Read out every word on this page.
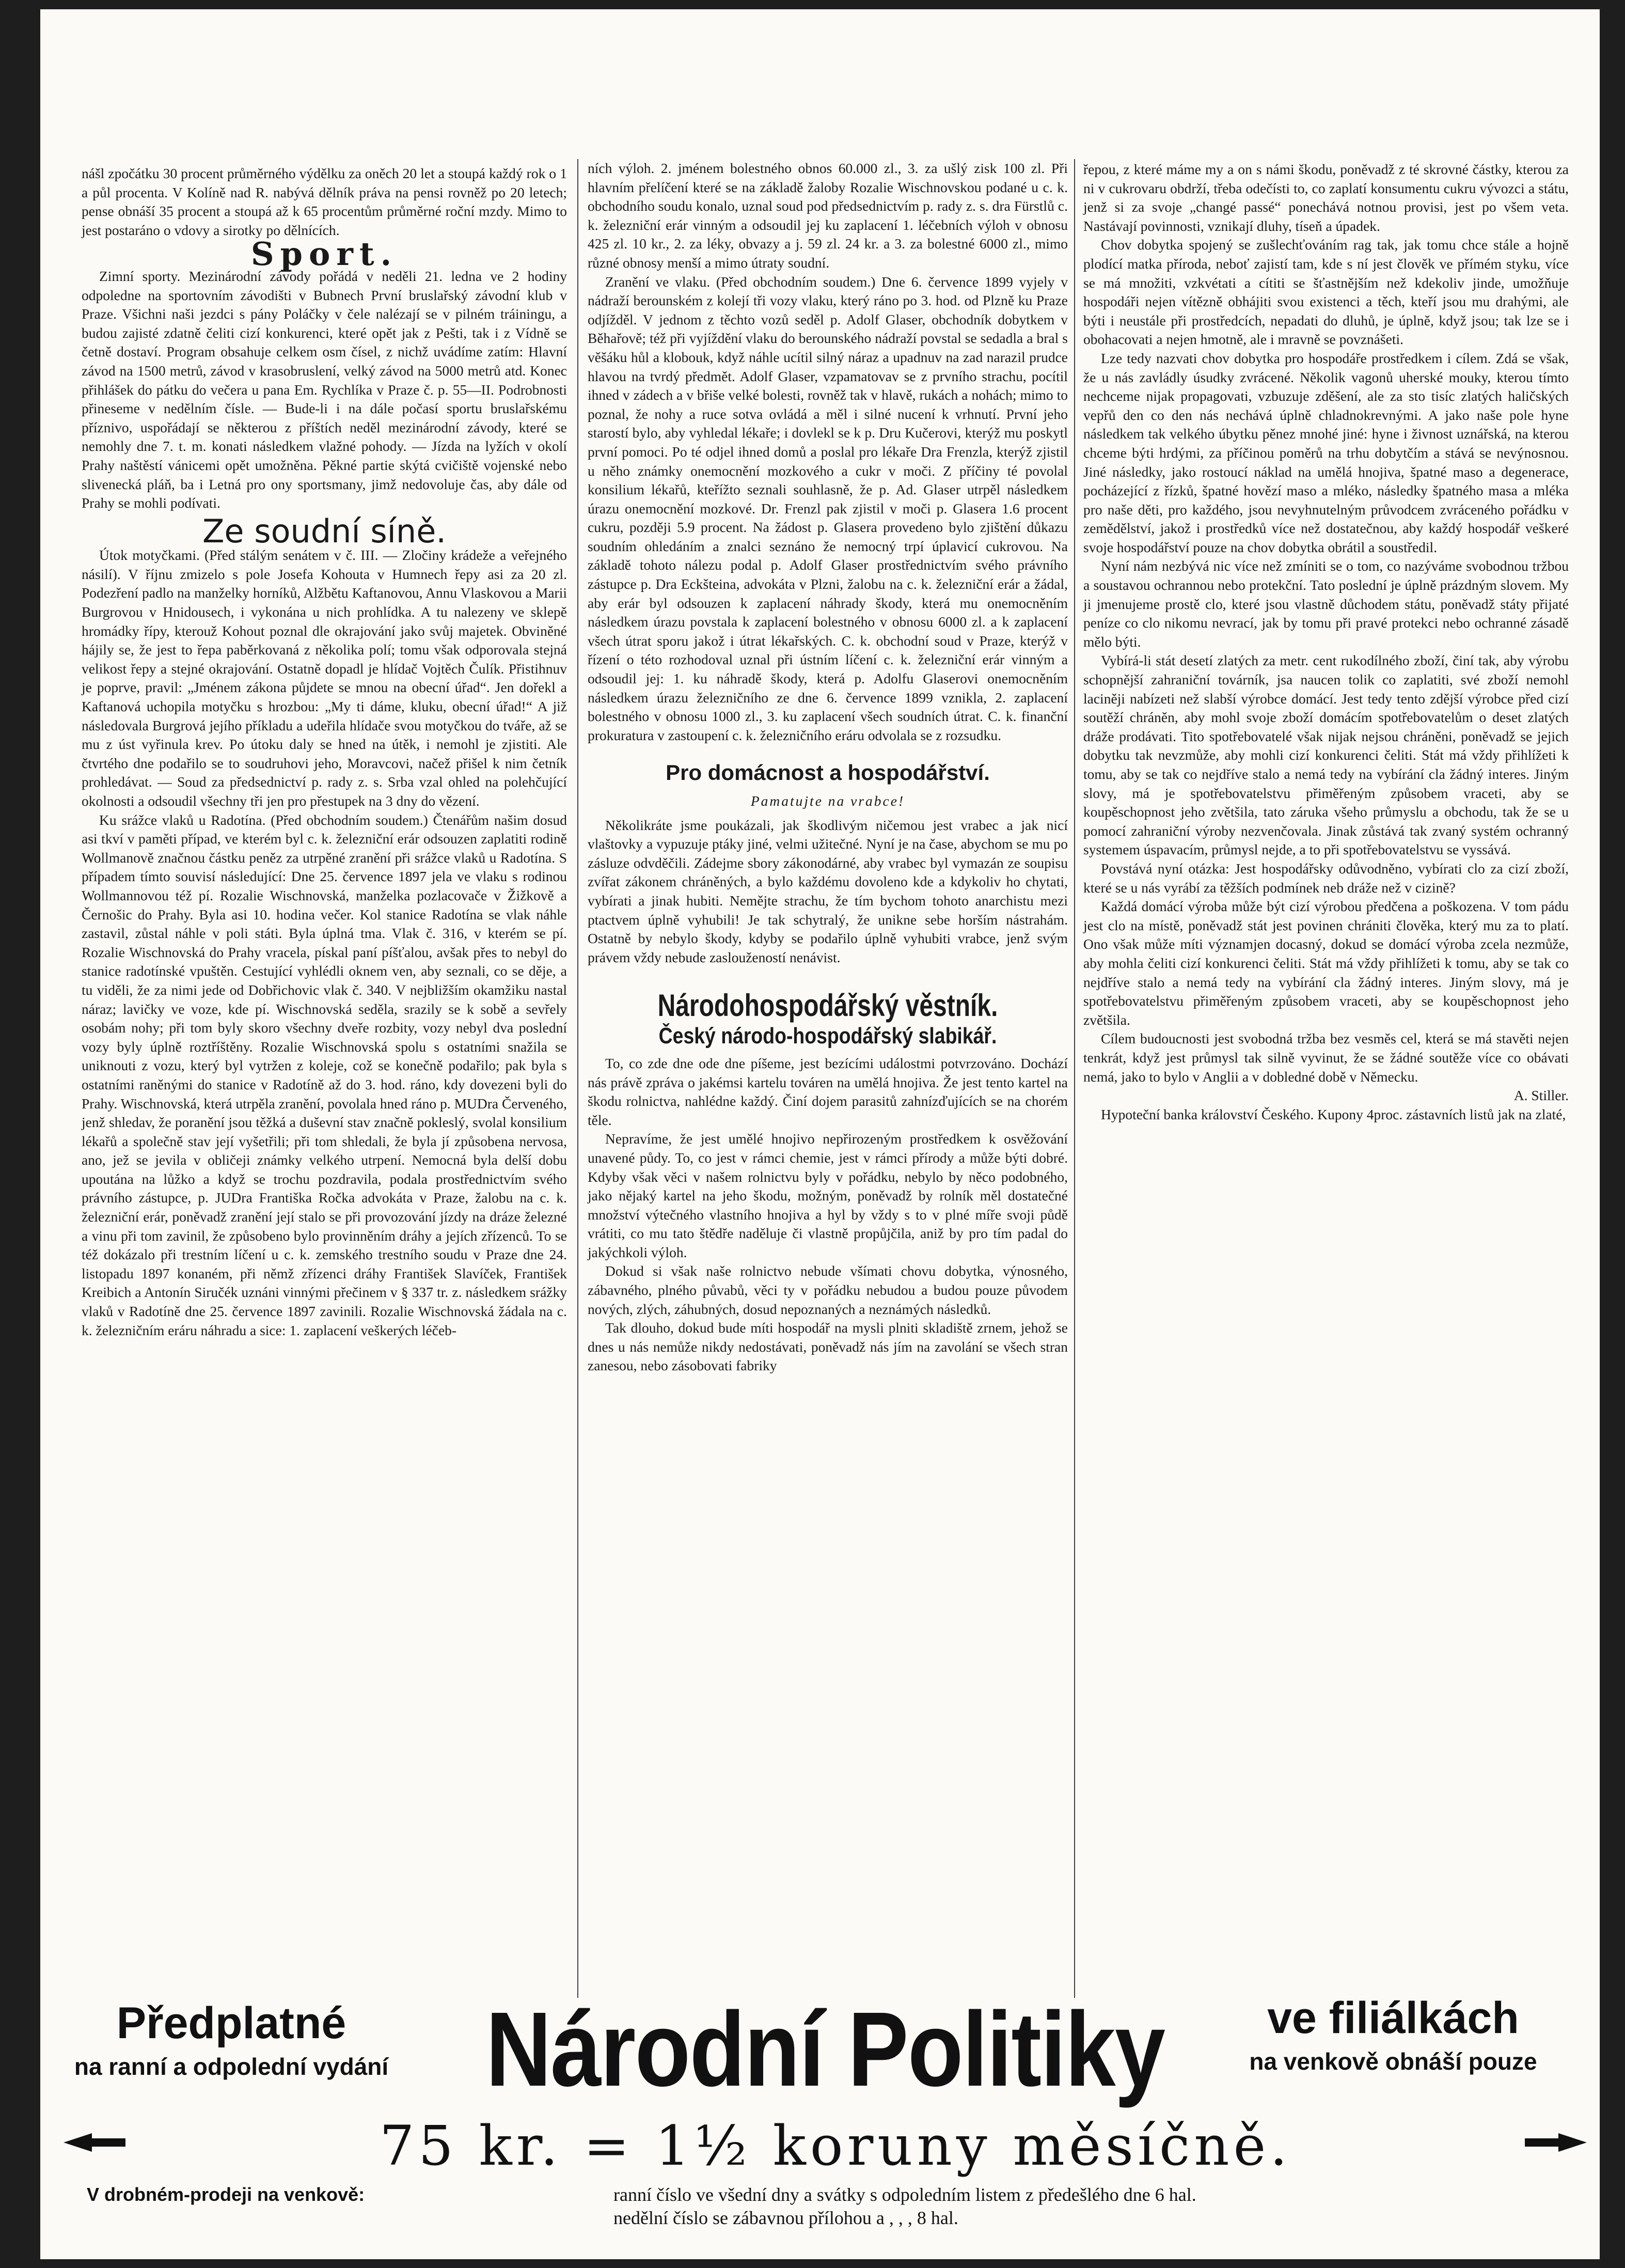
nášl zpočátku 30 procent průměrného výdělku za oněch 20 let a stoupá každý rok o 1 a půl procenta. V Kolíně nad R. nabývá dělník práva na pensi rovněž po 20 letech; pense obnáší 35 procent a stoupá až k 65 procentům průměrné roční mzdy. Mimo to jest postaráno o vdovy a sirotky po dělnících.

Sport.

Zimní sporty. Mezinárodní závody pořádá v neděli 21. ledna ve 2 hodiny odpoledne na sportovním závodišti v Bubnech První bruslařský závodní klub v Praze. Všichni naši jezdci s pány Poláčky v čele nalézají se v pilném tráiningu, a budou zajisté zdatně čeliti cizí konkurenci, které opět jak z Pešti, tak i z Vídně se četně dostaví. Program obsahuje celkem osm čísel, z nichž uvádíme zatím: Hlavní závod na 1500 metrů, závod v krasobruslení, velký závod na 5000 metrů atd. Konec přihlášek do pátku do večera u pana Em. Rychlíka v Praze č. p. 55—II. Podrobnosti přineseme v nedělním čísle. — Bude-li i na dále počasí sportu bruslařskému příznivo, uspořádají se některou z příštích neděl mezinárodní závody, které se nemohly dne 7. t. m. konati následkem vlažné pohody. — Jízda na lyžích v okolí Prahy naštěstí vánicemi opět umožněna. Pěkné partie skýtá cvičiště vojenské nebo slivenecká pláň, ba i Letná pro ony sportsmany, jimž nedovoluje čas, aby dále od Prahy se mohli podívati.

Ze soudní síně.

Útok motyčkami. (Před stálým senátem v č. III. — Zločiny krádeže a veřejného násilí). V říjnu zmizelo s pole Josefa Kohouta v Humnech řepy asi za 20 zl. Podezření padlo na manželky horníků, Alžbětu Kaftanovou, Annu Vlaskovou a Marii Burgrovou v Hnidousech, i vykonána u nich prohlídka. A tu nalezeny ve sklepě hromádky řípy, kterouž Kohout poznal dle okrajování jako svůj majetek. Obviněné hájily se, že jest to řepa paběrkovaná z několika polí; tomu však odporovala stejná velikost řepy a stejné okrajování. Ostatně dopadl je hlídač Vojtěch Čulík. Přistihnuv je poprve, pravil: „Jménem zákona půjdete se mnou na obecní úřad“. Jen dořekl a Kaftanová uchopila motyčku s hrozbou: „My ti dáme, kluku, obecní úřad!“ A již následovala Burgrová jejího příkladu a udeřila hlídače svou motyčkou do tváře, až se mu z úst vyřinula krev. Po útoku daly se hned na útěk, i nemohl je zjistiti. Ale čtvrtého dne podařilo se to soudruhovi jeho, Moravcovi, načež přišel k nim četník prohledávat. — Soud za předsednictví p. rady z. s. Srba vzal ohled na polehčující okolnosti a odsoudil všechny tři jen pro přestupek na 3 dny do vězení.

Ku srážce vlaků u Radotína. (Před obchodním soudem.) Čtenářům našim dosud asi tkví v paměti případ, ve kterém byl c. k. železniční erár odsouzen zaplatiti rodině Wollmanově značnou částku peněz za utrpěné zranění při srážce vlaků u Radotína. S případem tímto souvisí následující: Dne 25. července 1897 jela ve vlaku s rodinou Wollmannovou též pí. Rozalie Wischnovská, manželka pozlacovače v Žižkově a Černošic do Prahy. Byla asi 10. hodina večer. Kol stanice Radotína se vlak náhle zastavil, zůstal náhle v poli státi. Byla úplná tma. Vlak č. 316, v kterém se pí. Rozalie Wischnovská do Prahy vracela, pískal paní píšťalou, avšak přes to nebyl do stanice radotínské vpuštěn. Cestující vyhlédli oknem ven, aby seznali, co se děje, a tu viděli, že za nimi jede od Dobřichovic vlak č. 340. V nejbližším okamžiku nastal náraz; lavičky ve voze, kde pí. Wischnovská seděla, srazily se k sobě a sevřely osobám nohy; při tom byly skoro všechny dveře rozbity, vozy nebyl dva poslední vozy byly úplně roztříštěny. Rozalie Wischnovská spolu s ostatními snažila se uniknouti z vozu, který byl vytržen z koleje, což se konečně podařilo; pak byla s ostatními raněnými do stanice v Radotíně až do 3. hod. ráno, kdy dovezeni byli do Prahy. Wischnovská, která utrpěla zranění, povolala hned ráno p. MUDra Červeného, jenž shledav, že poranění jsou těžká a duševní stav značně pokleslý, svolal konsilium lékařů a společně stav její vyšetřili; při tom shledali, že byla jí způsobena nervosa, ano, jež se jevila v obličeji známky velkého utrpení. Nemocná byla delší dobu upoutána na lůžko a když se trochu pozdravila, podala prostřednictvím svého právního zástupce, p. JUDra Františka Ročka advokáta v Praze, žalobu na c. k. železniční erár, poněvadž zranění její stalo se při provozování jízdy na dráze železné a vinu při tom zavinil, že způsobeno bylo provinněním dráhy a jejích zřízenců. To se též dokázalo při trestním líčení u c. k. zemského trestního soudu v Praze dne 24. listopadu 1897 konaném, při němž zřízenci dráhy František Slavíček, František Kreibich a Antonín Siručék uznáni vinnými přečinem v § 337 tr. z. následkem srážky vlaků v Radotíně dne 25. července 1897 zavinili. Rozalie Wischnovská žádala na c. k. železničním eráru náhradu a sice: 1. zaplacení veškerých léčeb-

ních výloh. 2. jménem bolestného obnos 60.000 zl., 3. za ušlý zisk 100 zl. Při hlavním přelíčení které se na základě žaloby Rozalie Wischnovskou podané u c. k. obchodního soudu konalo, uznal soud pod předsednictvím p. rady z. s. dra Fürstlů c. k. železniční erár vinným a odsoudil jej ku zaplacení 1. léčebních výloh v obnosu 425 zl. 10 kr., 2. za léky, obvazy a j. 59 zl. 24 kr. a 3. za bolestné 6000 zl., mimo různé obnosy menší a mimo útraty soudní.

Zranění ve vlaku. (Před obchodním soudem.) Dne 6. července 1899 vyjely v nádraží berounském z kolejí tři vozy vlaku, který ráno po 3. hod. od Plzně ku Praze odjížděl. V jednom z těchto vozů seděl p. Adolf Glaser, obchodník dobytkem v Běhařově; též při vyjíždění vlaku do berounského nádraží povstal se sedadla a bral s věšáku hůl a klobouk, když náhle ucítil silný náraz a upadnuv na zad narazil prudce hlavou na tvrdý předmět. Adolf Glaser, vzpamatovav se z prvního strachu, pocítil ihned v zádech a v břiše velké bolesti, rovněž tak v hlavě, rukách a nohách; mimo to poznal, že nohy a ruce sotva ovládá a měl i silné nucení k vrhnutí. První jeho starostí bylo, aby vyhledal lékaře; i dovlekl se k p. Dru Kučerovi, kterýž mu poskytl první pomoci. Po té odjel ihned domů a poslal pro lékaře Dra Frenzla, kterýž zjistil u něho známky onemocnění mozkového a cukr v moči. Z příčiny té povolal konsilium lékařů, kteřížto seznali souhlasně, že p. Ad. Glaser utrpěl následkem úrazu onemocnění mozkové. Dr. Frenzl pak zjistil v moči p. Glasera 1.6 procent cukru, později 5.9 procent. Na žádost p. Glasera provedeno bylo zjištění důkazu soudním ohledáním a znalci seznáno že nemocný trpí úplavicí cukrovou. Na základě tohoto nálezu podal p. Adolf Glaser prostřednictvím svého právního zástupce p. Dra Eckšteina, advokáta v Plzni, žalobu na c. k. železniční erár a žádal, aby erár byl odsouzen k zaplacení náhrady škody, která mu onemocněním následkem úrazu povstala k zaplacení bolestného v obnosu 6000 zl. a k zaplacení všech útrat sporu jakož i útrat lékařských. C. k. obchodní soud v Praze, kterýž v řízení o této rozhodoval uznal při ústním líčení c. k. železniční erár vinným a odsoudil jej: 1. ku náhradě škody, která p. Adolfu Glaserovi onemocněním následkem úrazu železničního ze dne 6. července 1899 vznikla, 2. zaplacení bolestného v obnosu 1000 zl., 3. ku zaplacení všech soudních útrat. C. k. finanční prokuratura v zastoupení c. k. železničního eráru odvolala se z rozsudku.

Pro domácnost a hospodářství.
Pamatujte na vrabce!

Několikráte jsme poukázali, jak škodlivým ničemou jest vrabec a jak nicí vlaštovky a vypuzuje ptáky jiné, velmi užitečné. Nyní je na čase, abychom se mu po zásluze odvděčili. Zádejme sbory zákonodárné, aby vrabec byl vymazán ze soupisu zvířat zákonem chráněných, a bylo každému dovoleno kde a kdykoliv ho chytati, vybírati a jinak hubiti. Nemějte strachu, že tím bychom tohoto anarchistu mezi ptactvem úplně vyhubili! Je tak schytralý, že unikne sebe horším nástrahám. Ostatně by nebylo škody, kdyby se podařilo úplně vyhubiti vrabce, jenž svým právem vždy nebude zasloužeností nenávist.

Národohospodářský věstník.
Český národo-hospodářský slabikář.

To, co zde dne ode dne píšeme, jest bezícími událostmi potvrzováno. Dochází nás právě zpráva o jakémsi kartelu továren na umělá hnojiva. Že jest tento kartel na škodu rolnictva, nahlédne každý. Činí dojem parasitů zahnízďujících se na chorém těle.

Nepravíme, že jest umělé hnojivo nepřirozeným prostředkem k osvěžování unavené půdy. To, co jest v rámci chemie, jest v rámci přírody a může býti dobré. Kdyby však věci v našem rolnictvu byly v pořádku, nebylo by něco podobného, jako nějaký kartel na jeho škodu, možným, poněvadž by rolník měl dostatečné množství výtečného vlastního hnojiva a hyl by vždy s to v plné míře svoji půdě vrátiti, co mu tato štědře naděluje či vlastně propůjčila, aniž by pro tím padal do jakýchkoli výloh.

Dokud si však naše rolnictvo nebude všímati chovu dobytka, výnosného, zábavného, plného půvabů, věci ty v pořádku nebudou a budou pouze původem nových, zlých, záhubných, dosud nepoznaných a neznámých následků.

Tak dlouho, dokud bude míti hospodář na mysli plniti skladiště zrnem, jehož se dnes u nás nemůže nikdy nedostávati, poněvadž nás jím na zavolání se všech stran zanesou, nebo zásobovati fabriky

řepou, z které máme my a on s námi škodu, poněvadž z té skrovné částky, kterou za ni v cukrovaru obdrží, třeba odečísti to, co zaplatí konsumentu cukru vývozci a státu, jenž si za svoje „changé passé“ ponechává notnou provisi, jest po všem veta. Nastávají povinnosti, vznikají dluhy, tíseň a úpadek.

Chov dobytka spojený se zušlechťováním rag tak, jak tomu chce stále a hojně plodící matka příroda, neboť zajistí tam, kde s ní jest člověk ve přímém styku, více se má množiti, vzkvétati a cítiti se šťastnějším než kdekoliv jinde, umožňuje hospodáři nejen vítězně obhájiti svou existenci a těch, kteří jsou mu drahými, ale býti i neustále při prostředcích, nepadati do dluhů, je úplně, když jsou; tak lze se i obohacovati a nejen hmotně, ale i mravně se povznášeti.

Lze tedy nazvati chov dobytka pro hospodáře prostředkem i cílem. Zdá se však, že u nás zavládly úsudky zvrácené. Několik vagonů uherské mouky, kterou tímto nechceme nijak propagovati, vzbuzuje zděšení, ale za sto tisíc zlatých haličských vepřů den co den nás nechává úplně chladnokrevnými. A jako naše pole hyne následkem tak velkého úbytku pěnez mnohé jiné: hyne i živnost uznářská, na kterou chceme býti hrdými, za příčinou poměrů na trhu dobytčím a stává se nevýnosnou. Jiné následky, jako rostoucí náklad na umělá hnojiva, špatné maso a degenerace, pocházející z řízků, špatné hovězí maso a mléko, následky špatného masa a mléka pro naše děti, pro každého, jsou nevyhnutelným průvodcem zvráceného pořádku v zemědělství, jakož i prostředků více než dostatečnou, aby každý hospodář veškeré svoje hospodářství pouze na chov dobytka obrátil a soustředil.

Nyní nám nezbývá nic více než zmíniti se o tom, co nazýváme svobodnou tržbou a soustavou ochrannou nebo protekční. Tato poslední je úplně prázdným slovem. My ji jmenujeme prostě clo, které jsou vlastně důchodem státu, poněvadž státy přijaté peníze co clo nikomu nevrací, jak by tomu při pravé protekci nebo ochranné zásadě mělo býti.

Vybírá-li stát desetí zlatých za metr. cent rukodílného zboží, činí tak, aby výrobu schopnější zahraniční továrník, jsa naucen tolik co zaplatiti, své zboží nemohl laciněji nabízeti než slabší výrobce domácí. Jest tedy tento zdější výrobce před cizí soutěží chráněn, aby mohl svoje zboží domácím spotřebovatelům o deset zlatých dráže prodávati. Tito spotřebovatelé však nijak nejsou chráněni, poněvadž se jejich dobytku tak nevzmůže, aby mohli cizí konkurenci čeliti. Stát má vždy přihlížeti k tomu, aby se tak co nejdříve stalo a nemá tedy na vybírání cla žádný interes. Jiným slovy, má je spotřebovatelstvu přiměřeným způsobem vraceti, aby se koupěschopnost jeho zvětšila, tato záruka všeho průmyslu a obchodu, tak že se u pomocí zahraniční výroby nezvenčovala. Jinak zůstává tak zvaný systém ochranný systemem úspavacím, průmysl nejde, a to při spotřebovatelstvu se vyssává.

Povstává nyní otázka: Jest hospodářsky odůvodněno, vybírati clo za cizí zboží, které se u nás vyrábí za těžších podmínek neb dráže než v cizině?

Každá domácí výroba může být cizí výrobou předčena a poškozena. V tom pádu jest clo na místě, poněvadž stát jest povinen chrániti člověka, který mu za to platí. Ono však může míti významjen docasný, dokud se domácí výroba zcela nezmůže, aby mohla čeliti cizí konkurenci čeliti. Stát má vždy přihlížeti k tomu, aby se tak co nejdříve stalo a nemá tedy na vybírání cla žádný interes. Jiným slovy, má je spotřebovatelstvu přiměřeným způsobem vraceti, aby se koupěschopnost jeho zvětšila.

Cílem budoucnosti jest svobodná tržba bez vesměs cel, která se má stavěti nejen tenkrát, když jest průmysl tak silně vyvinut, že se žádné soutěže více co obávati nemá, jako to bylo v Anglii a v dobledné době v Německu.

A. Stiller.

Hypoteční banka království Českého. Kupony 4proc. zástavních listů jak na zlaté,

Předplatné
na ranní a odpolední vydání Národní Politiky	ve filiálkách
na venkově obnáší pouze
75 kr. = 1½ koruny měsíčně.
V drobném-prodeji na venkově:	ranní číslo ve všední dny a svátky s odpoledním listem z předešlého dne 6 hal.
nedělní číslo se zábavnou přílohou a , , , 8 hal.
